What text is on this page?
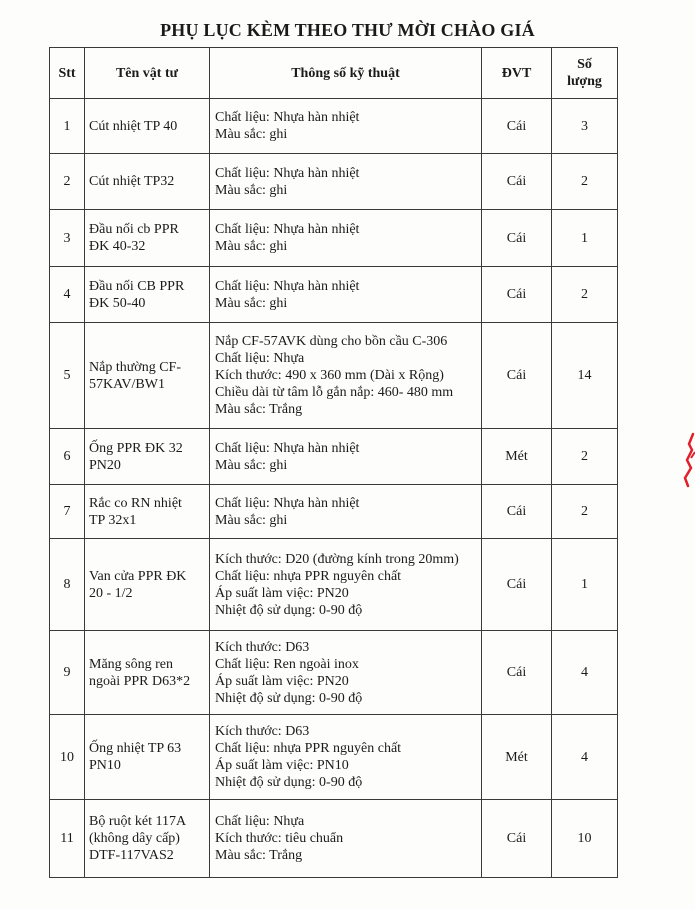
PHỤ LỤC KÈM THEO THƯ MỜI CHÀO GIÁ
Stt	Tên vật tư	Thông số kỹ thuật	ĐVT	Số
lượng

1	Cút nhiệt TP 40	Chất liệu: Nhựa hàn nhiệt
Màu sắc: ghi	Cái	3
2	Cút nhiệt TP32	Chất liệu: Nhựa hàn nhiệt
Màu sắc: ghi	Cái	2
3	Đầu nối cb PPR
ĐK 40-32	Chất liệu: Nhựa hàn nhiệt
Màu sắc: ghi	Cái	1
4	Đầu nối CB PPR
ĐK 50-40	Chất liệu: Nhựa hàn nhiệt
Màu sắc: ghi	Cái	2
5	Nắp thường CF-
57KAV/BW1	Nắp CF-57AVK dùng cho bồn cầu C-306
Chất liệu: Nhựa
Kích thước: 490 x 360 mm (Dài x Rộng)
Chiều dài từ tâm lỗ gắn nắp: 460- 480 mm
Màu sắc: Trắng	Cái	14
6	Ống PPR ĐK 32
PN20	Chất liệu: Nhựa hàn nhiệt
Màu sắc: ghi	Mét	2
7	Rắc co RN nhiệt
TP 32x1	Chất liệu: Nhựa hàn nhiệt
Màu sắc: ghi	Cái	2
8	Van cửa PPR ĐK
20 - 1/2	Kích thước: D20 (đường kính trong 20mm)
Chất liệu: nhựa PPR nguyên chất
Áp suất làm việc: PN20
Nhiệt độ sử dụng: 0-90 độ	Cái	1
9	Măng sông ren
ngoài PPR D63*2	Kích thước: D63
Chất liệu: Ren ngoài inox
Áp suất làm việc: PN20
Nhiệt độ sử dụng: 0-90 độ	Cái	4
10	Ống nhiệt TP 63
PN10	Kích thước: D63
Chất liệu: nhựa PPR nguyên chất
Áp suất làm việc: PN10
Nhiệt độ sử dụng: 0-90 độ	Mét	4
11	Bộ ruột két 117A
(không dây cấp)
DTF-117VAS2	Chất liệu: Nhựa
Kích thước: tiêu chuẩn
Màu sắc: Trắng	Cái	10
